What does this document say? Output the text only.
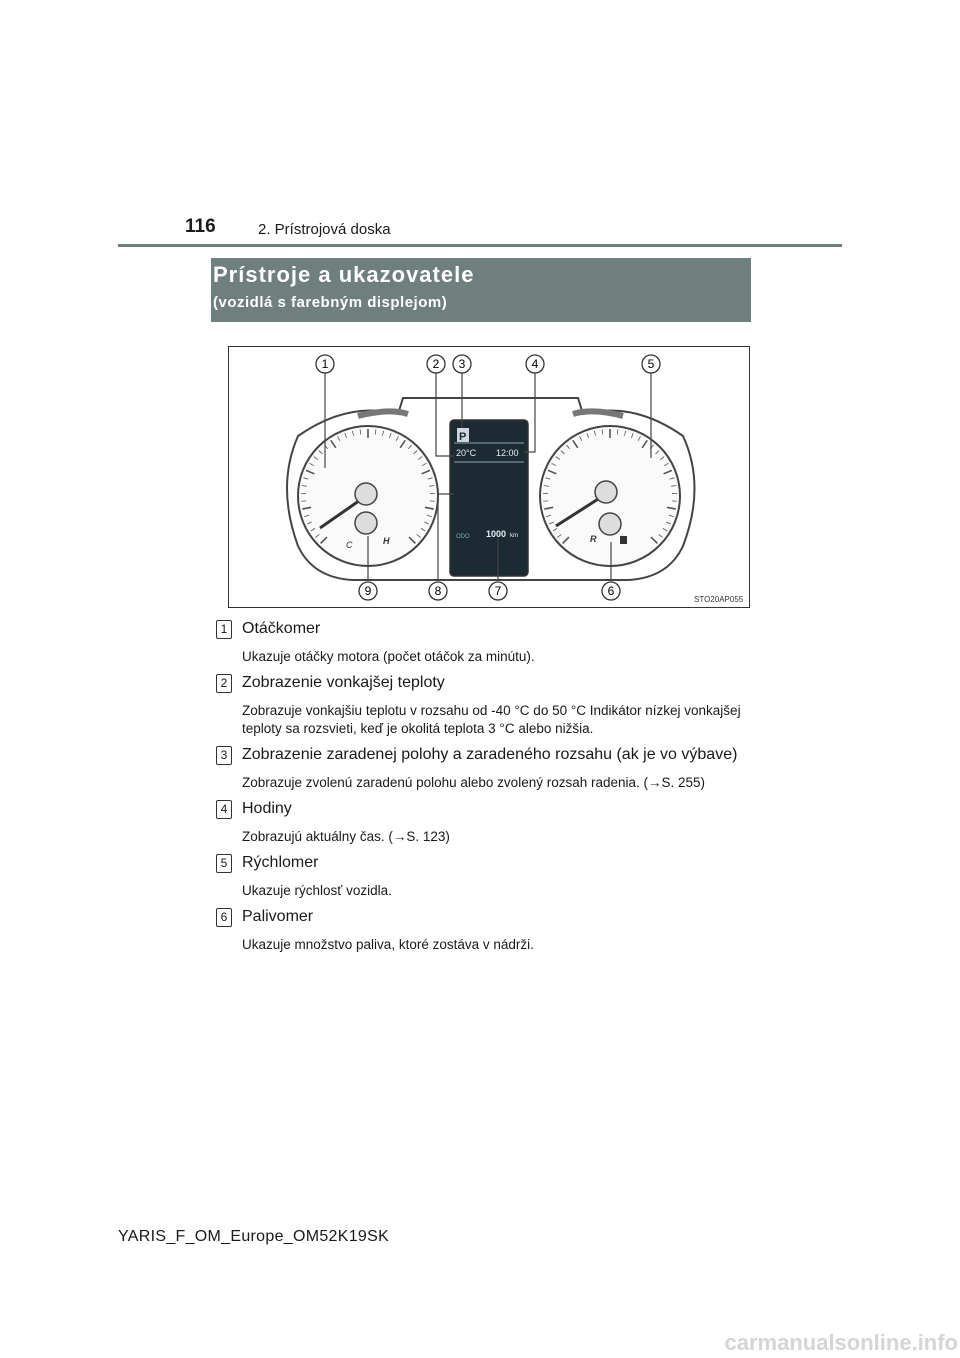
116	2. Prístrojová doska
Prístroje a ukazovatele
(vozidlá s farebným displejom)
C	H	R
P
20°C 12:00
ODO 1000 km
1	2 3	4	5
6
7
8
9
STO20AP055
1 Otáčkomer
Ukazuje otáčky motora (počet otáčok za minútu).
2 Zobrazenie vonkajšej teploty
Zobrazuje vonkajšiu teplotu v rozsahu od -40 °C do 50 °C Indikátor nízkej vonkajšej teploty sa rozsvieti, keď je okolitá teplota 3 °C alebo nižšia.
3 Zobrazenie zaradenej polohy a zaradeného rozsahu (ak je vo výbave)
Zobrazuje zvolenú zaradenú polohu alebo zvolený rozsah radenia. (→S. 255)
4 Hodiny
Zobrazujú aktuálny čas. (→S. 123)
5 Rýchlomer
Ukazuje rýchlosť vozidla.
6 Palivomer
Ukazuje množstvo paliva, ktoré zostáva v nádrži.
YARIS_F_OM_Europe_OM52K19SK
carmanualsonline.info
